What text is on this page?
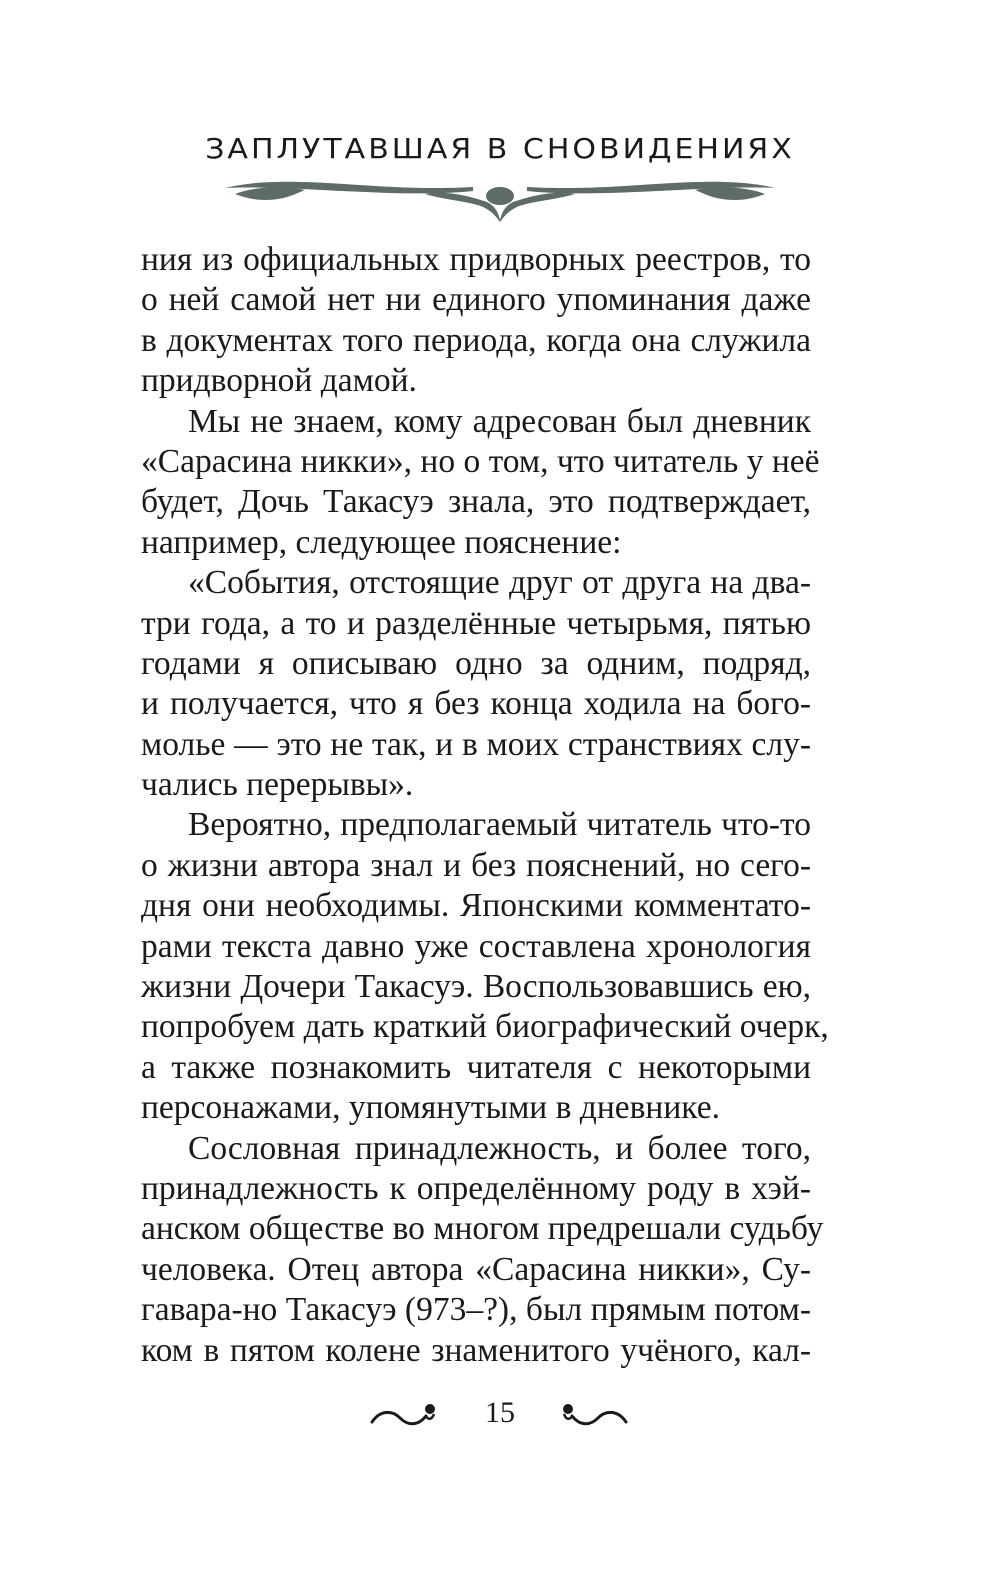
ЗАПЛУТАВШАЯ В СНОВИДЕНИЯХ
ния из официальных придворных реестров, то
о ней самой нет ни единого упоминания даже
в документах того периода, когда она служила
придворной дамой.
Мы не знаем, кому адресован был дневник
«Сарасина никки», но о том, что читатель у неё
будет, Дочь Такасуэ знала, это подтверждает,
например, следующее пояснение:
«События, отстоящие друг от друга на два-
три года, а то и разделённые четырьмя, пятью
годами я описываю одно за одним, подряд,
и получается, что я без конца ходила на бого-
молье — это не так, и в моих странствиях слу-
чались перерывы».
Вероятно, предполагаемый читатель что-то
о жизни автора знал и без пояснений, но сего-
дня они необходимы. Японскими комментато-
рами текста давно уже составлена хронология
жизни Дочери Такасуэ. Воспользовавшись ею,
попробуем дать краткий биографический очерк,
а также познакомить читателя с некоторыми
персонажами, упомянутыми в дневнике.
Сословная принадлежность, и более того,
принадлежность к определённому роду в хэй-
анском обществе во многом предрешали судьбу
человека. Отец автора «Сарасина никки», Су-
гавара-но Такасуэ (973–?), был прямым потом-
ком в пятом колене знаменитого учёного, кал-
15
